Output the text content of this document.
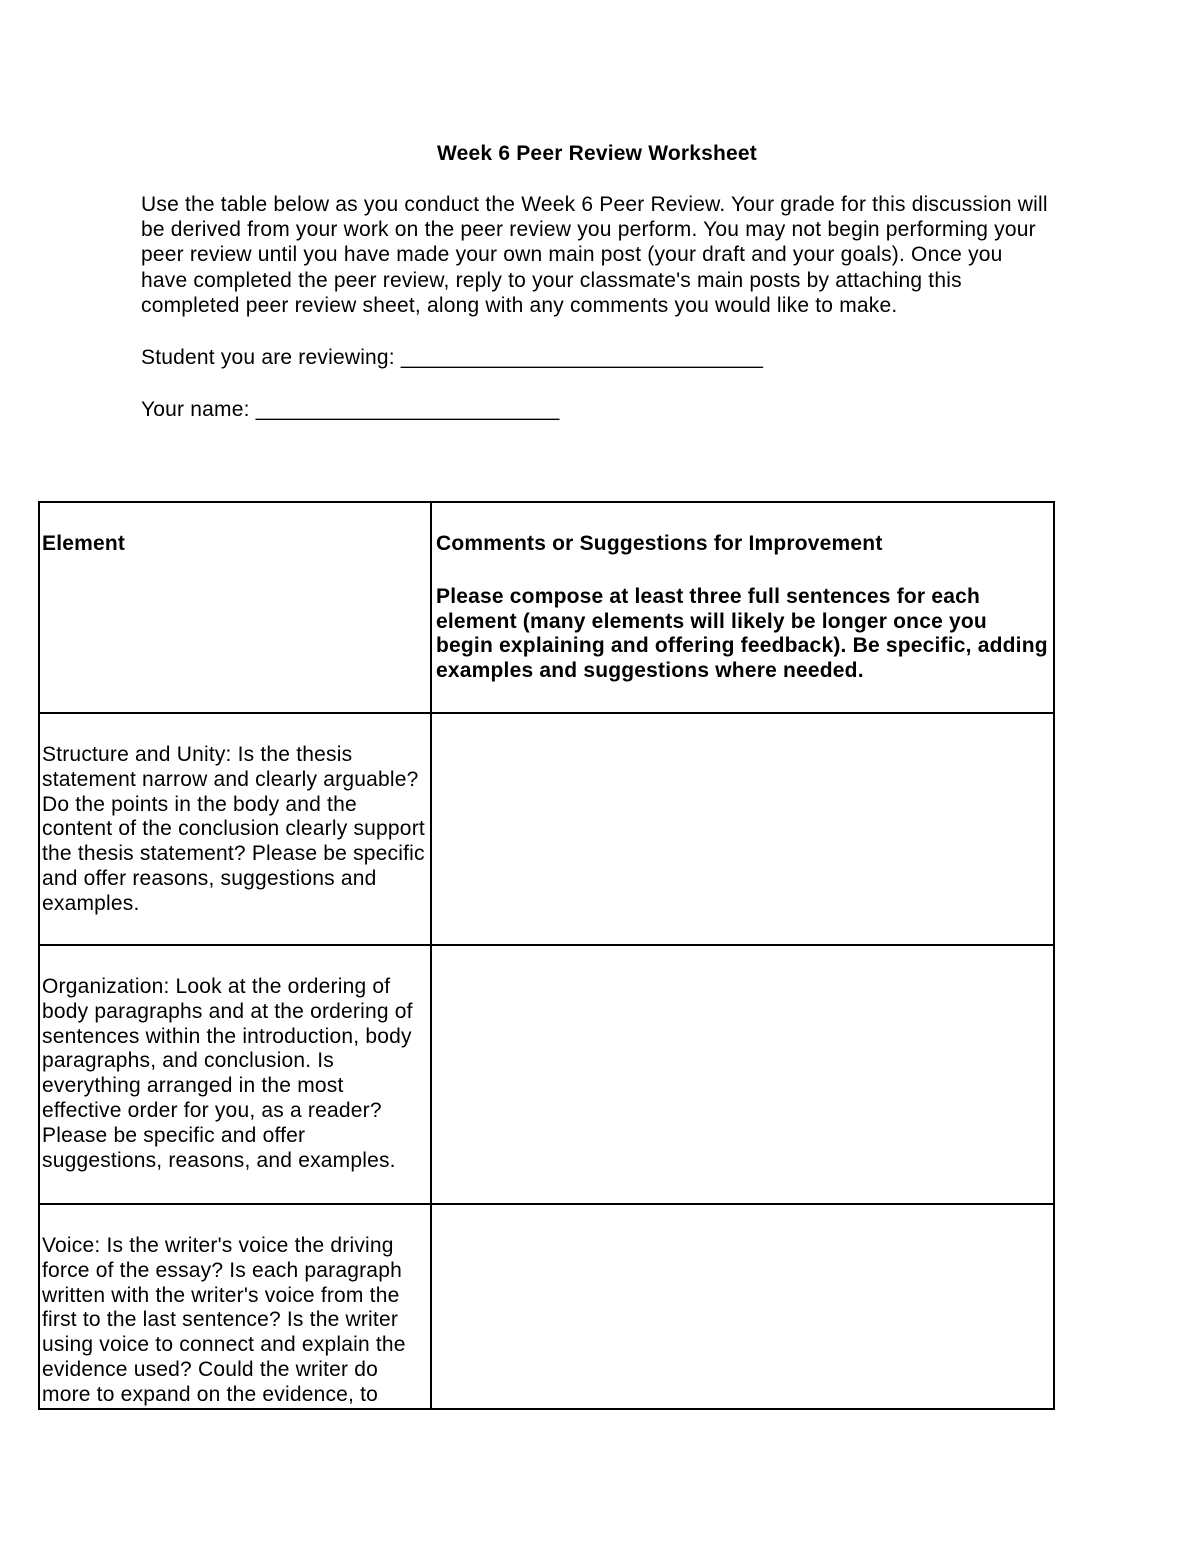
Week 6 Peer Review Worksheet
Use the table below as you conduct the Week 6 Peer Review. Your grade for this discussion will
be derived from your work on the peer review you perform. You may not begin performing your
peer review until you have made your own main post (your draft and your goals). Once you
have completed the peer review, reply to your classmate's main posts by attaching this
completed peer review sheet, along with any comments you would like to make.
Student you are reviewing: _______________________________
Your name: __________________________
Element	Comments or Suggestions for Improvement
Please compose at least three full sentences for each
element (many elements will likely be longer once you
begin explaining and offering feedback). Be specific, adding
examples and suggestions where needed.
Structure and Unity: Is the thesis
statement narrow and clearly arguable?
Do the points in the body and the
content of the conclusion clearly support
the thesis statement? Please be specific
and offer reasons, suggestions and
examples.
Organization: Look at the ordering of
body paragraphs and at the ordering of
sentences within the introduction, body
paragraphs, and conclusion. Is
everything arranged in the most
effective order for you, as a reader?
Please be specific and offer
suggestions, reasons, and examples.
Voice: Is the writer's voice the driving
force of the essay? Is each paragraph
written with the writer's voice from the
first to the last sentence? Is the writer
using voice to connect and explain the
evidence used? Could the writer do
more to expand on the evidence, to
